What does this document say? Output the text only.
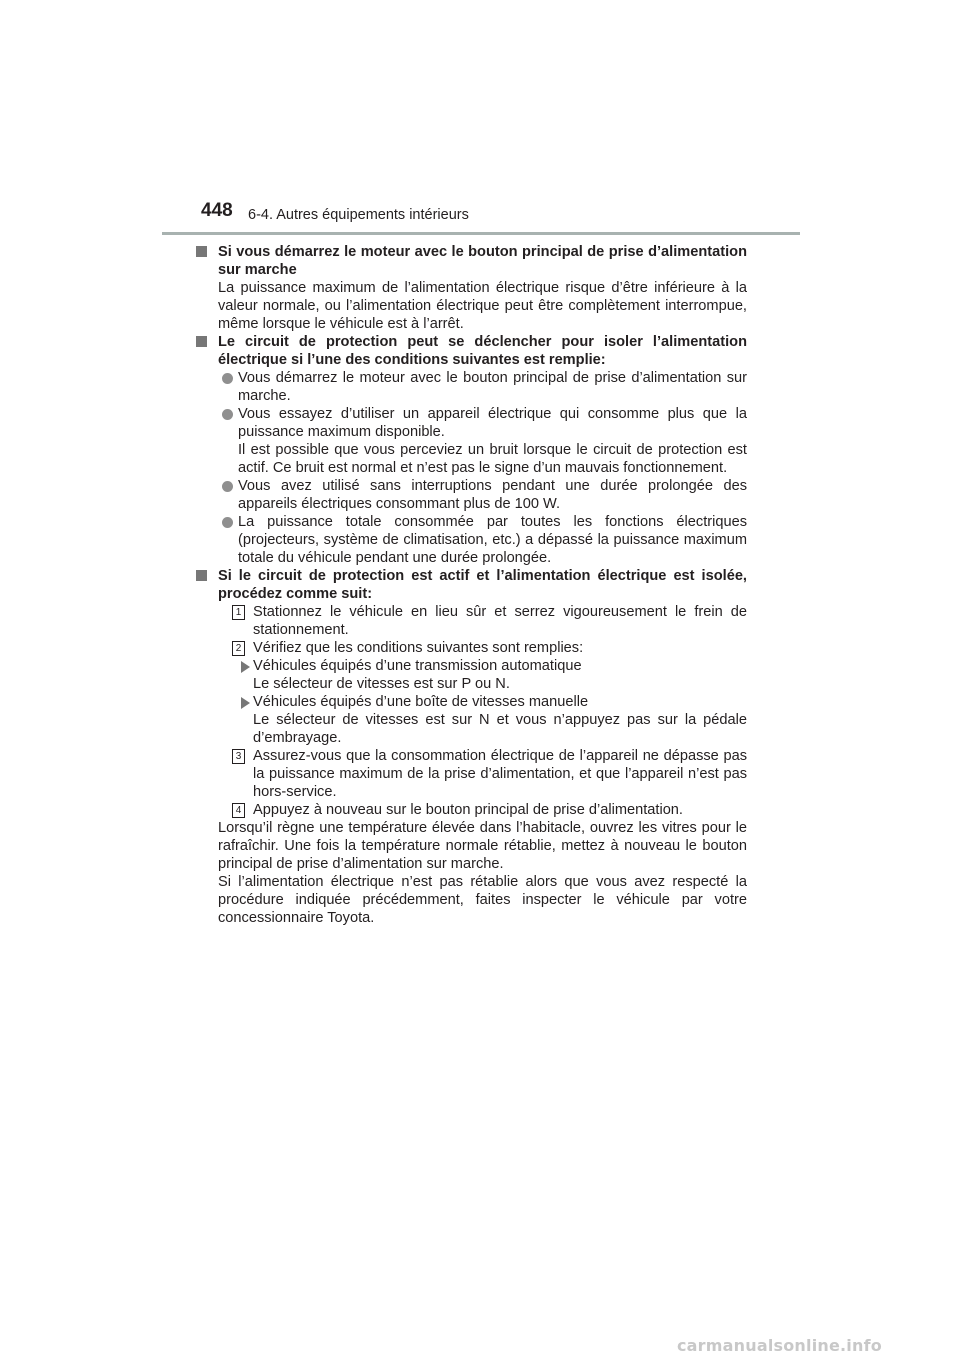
448 6-4. Autres équipements intérieurs

Si vous démarrez le moteur avec le bouton principal de prise d’alimentation sur marche

La puissance maximum de l’alimentation électrique risque d’être inférieure à la valeur normale, ou l’alimentation électrique peut être complètement interrompue, même lorsque le véhicule est à l’arrêt.

Le circuit de protection peut se déclencher pour isoler l’alimentation électrique si l’une des conditions suivantes est remplie:

Vous démarrez le moteur avec le bouton principal de prise d’alimentation sur marche.

Vous essayez d’utiliser un appareil électrique qui consomme plus que la puissance maximum disponible.

Il est possible que vous perceviez un bruit lorsque le circuit de protection est actif. Ce bruit est normal et n’est pas le signe d’un mauvais fonctionnement.

Vous avez utilisé sans interruptions pendant une durée prolongée des appareils électriques consommant plus de 100 W.

La puissance totale consommée par toutes les fonctions électriques (projecteurs, système de climatisation, etc.) a dépassé la puissance maximum totale du véhicule pendant une durée prolongée.

Si le circuit de protection est actif et l’alimentation électrique est isolée, procédez comme suit:

1 Stationnez le véhicule en lieu sûr et serrez vigoureusement le frein de stationnement.

2 Vérifiez que les conditions suivantes sont remplies:

Véhicules équipés d’une transmission automatique
Le sélecteur de vitesses est sur P ou N.

Véhicules équipés d’une boîte de vitesses manuelle
Le sélecteur de vitesses est sur N et vous n’appuyez pas sur la pédale d’embrayage.

3 Assurez-vous que la consommation électrique de l’appareil ne dépasse pas la puissance maximum de la prise d’alimentation, et que l’appareil n’est pas hors-service.

4 Appuyez à nouveau sur le bouton principal de prise d’alimentation.

Lorsqu’il règne une température élevée dans l’habitacle, ouvrez les vitres pour le rafraîchir. Une fois la température normale rétablie, mettez à nouveau le bouton principal de prise d’alimentation sur marche.

Si l’alimentation électrique n’est pas rétablie alors que vous avez respecté la procédure indiquée précédemment, faites inspecter le véhicule par votre concessionnaire Toyota.

carmanualsonline.info
